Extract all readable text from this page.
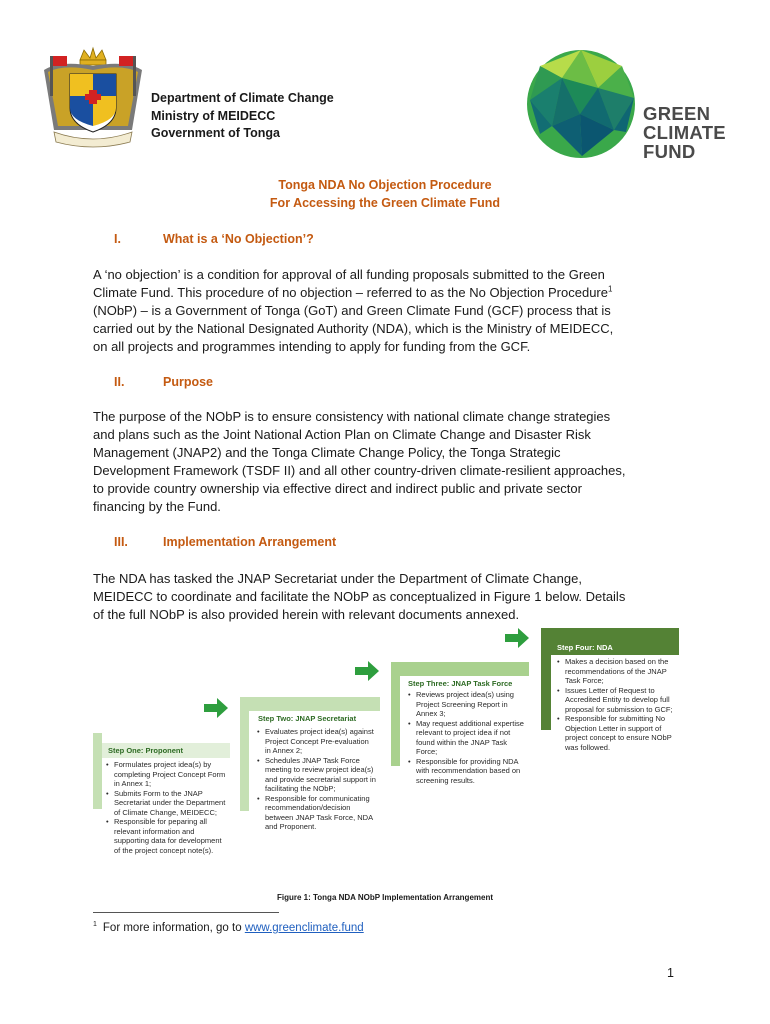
Department of Climate Change
Ministry of MEIDECC
Government of Tonga
GREEN
CLIMATE
FUND
Tonga NDA No Objection Procedure
For Accessing the Green Climate Fund
I.	What is a ‘No Objection’?
A ‘no objection’ is a condition for approval of all funding proposals submitted to the Green
Climate Fund. This procedure of no objection – referred to as the No Objection Procedure$^1$
(NObP) – is a Government of Tonga (GoT) and Green Climate Fund (GCF) process that is
carried out by the National Designated Authority (NDA), which is the Ministry of MEIDECC,
on all projects and programmes intending to apply for funding from the GCF.
II.	Purpose
The purpose of the NObP is to ensure consistency with national climate change strategies
and plans such as the Joint National Action Plan on Climate Change and Disaster Risk
Management (JNAP2) and the Tonga Climate Change Policy, the Tonga Strategic
Development Framework (TSDF II) and all other country-driven climate-resilient approaches,
to provide country ownership via effective direct and indirect public and private sector
financing by the Fund.
III.	Implementation Arrangement
The NDA has tasked the JNAP Secretariat under the Department of Climate Change,
MEIDECC to coordinate and facilitate the NObP as conceptualized in Figure 1 below. Details
of the full NObP is also provided herein with relevant documents annexed.
Step One: Proponent
• Formulates project idea(s) by completing Project Concept Form in Annex 1;
• Submits Form to the JNAP Secretariat under the Department of Climate Change, MEIDECC;
• Responsible for peparing all relevant information and supporting data for development of the project concept note(s).
Step Two: JNAP Secretariat
• Evaluates project idea(s) against Project Concept Pre-evaluation in Annex 2;
• Schedules JNAP Task Force meeting to review project idea(s) and provide secretarial support in facilitating the NObP;
• Responsible for communicating recommendation/decision between JNAP Task Force, NDA and Proponent.
Step Three: JNAP Task Force
• Reviews project idea(s) using Project Screening Report in Annex 3;
• May request additional expertise relevant to project idea if not found within the JNAP Task Force;
• Responsible for providing NDA with recommendation based on screening results.
Step Four: NDA
• Makes a decision based on the recommendations of the JNAP Task Force;
• Issues Letter of Request to Accredited Entity to develop full proposal for submission to GCF;
• Responsible for submitting No Objection Letter in support of project concept to ensure NObP was followed.
Figure 1: Tonga NDA NObP Implementation Arrangement
$^1$ For more information, go to www.greenclimate.fund
1
